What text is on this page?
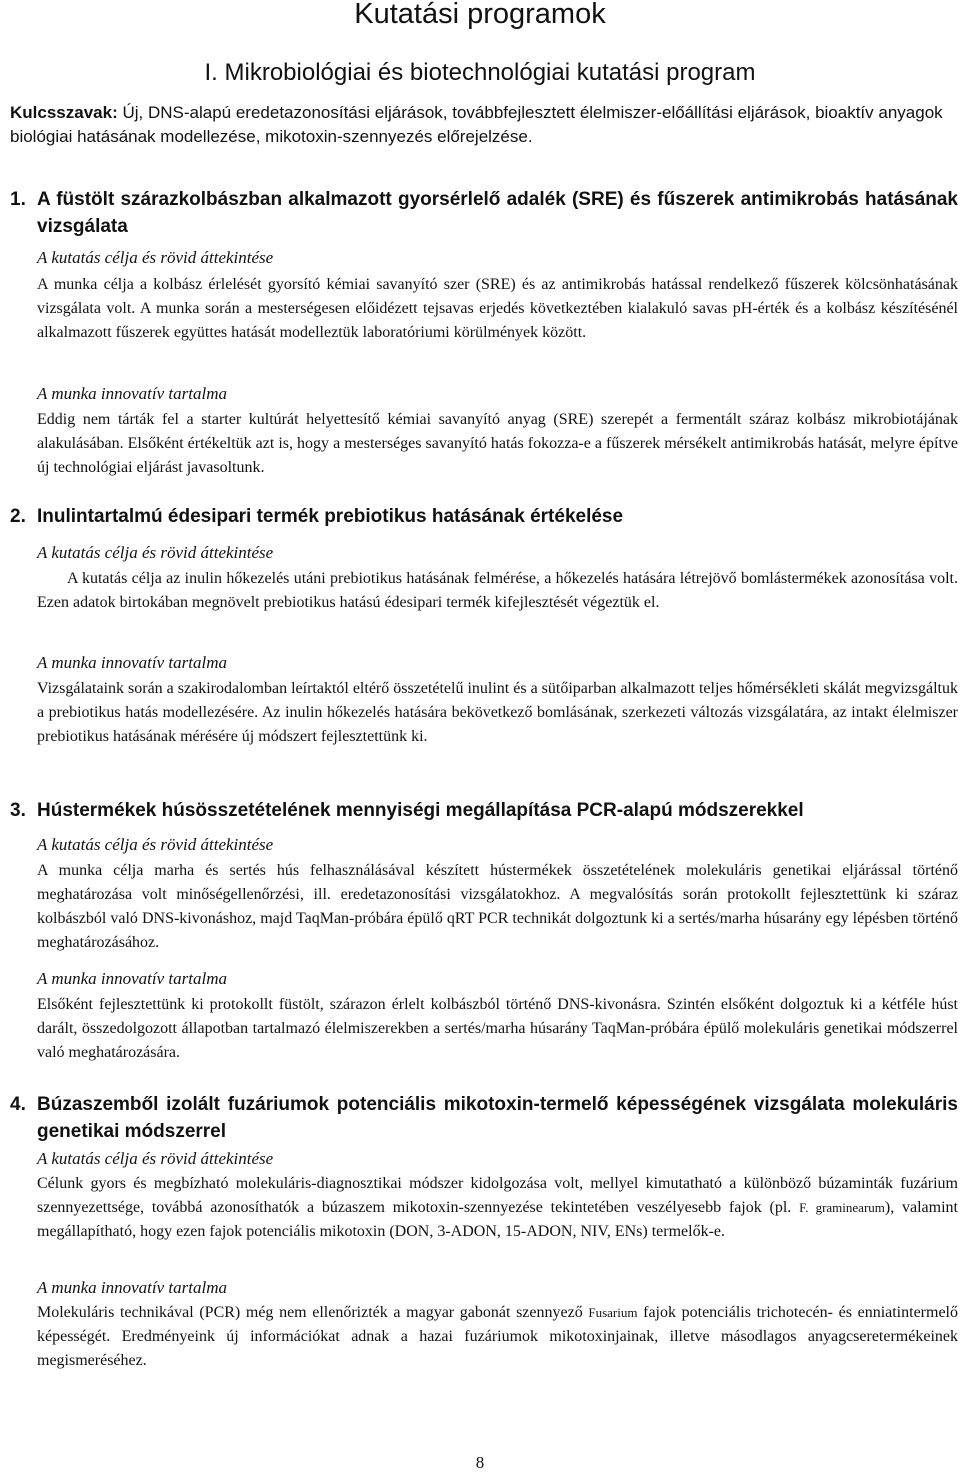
Kutatási programok
I. Mikrobiológiai és biotechnológiai kutatási program
Kulcsszavak: Új, DNS-alapú eredetazonosítási eljárások, továbbfejlesztett élelmiszer-előállítási eljárások, bioaktív anyagok biológiai hatásának modellezése, mikotoxin-szennyezés előrejelzése.
1. A füstölt szárazkolbászban alkalmazott gyorsérlelő adalék (SRE) és fűszerek antimikrobás hatásának vizsgálata
A kutatás célja és rövid áttekintése
A munka célja a kolbász érlelését gyorsító kémiai savanyító szer (SRE) és az antimikrobás hatással rendelkező fűszerek kölcsönhatásának vizsgálata volt. A munka során a mesterségesen előidézett tejsavas erjedés következtében kialakuló savas pH-érték és a kolbász készítésénél alkalmazott fűszerek együttes hatását modelleztük laboratóriumi körülmények között.
A munka innovatív tartalma
Eddig nem tárták fel a starter kultúrát helyettesítő kémiai savanyító anyag (SRE) szerepét a fermentált száraz kolbász mikrobiotájának alakulásában. Elsőként értékeltük azt is, hogy a mesterséges savanyító hatás fokozza-e a fűszerek mérsékelt antimikrobás hatását, melyre építve új technológiai eljárást javasoltunk.
2. Inulintartalmú édesipari termék prebiotikus hatásának értékelése
A kutatás célja és rövid áttekintése
A kutatás célja az inulin hőkezelés utáni prebiotikus hatásának felmérése, a hőkezelés hatására létrejövő bomlástermékek azonosítása volt. Ezen adatok birtokában megnövelt prebiotikus hatású édesipari termék kifejlesztését végeztük el.
A munka innovatív tartalma
Vizsgálataink során a szakirodalomban leírtaktól eltérő összetételű inulint és a sütőiparban alkalmazott teljes hőmérsékleti skálát megvizsgáltuk a prebiotikus hatás modellezésére. Az inulin hőkezelés hatására bekövetkező bomlásának, szerkezeti változás vizsgálatára, az intakt élelmiszer prebiotikus hatásának mérésére új módszert fejlesztettünk ki.
3. Hústermékek húsösszetételének mennyiségi megállapítása PCR-alapú módszerekkel
A kutatás célja és rövid áttekintése
A munka célja marha és sertés hús felhasználásával készített hústermékek összetételének molekuláris genetikai eljárással történő meghatározása volt minőségellenőrzési, ill. eredetazonosítási vizsgálatokhoz. A megvalósítás során protokollt fejlesztettünk ki száraz kolbászból való DNS-kivonáshoz, majd TaqMan-próbára épülő qRT PCR technikát dolgoztunk ki a sertés/marha húsarány egy lépésben történő meghatározásához.
A munka innovatív tartalma
Elsőként fejlesztettünk ki protokollt füstölt, szárazon érlelt kolbászból történő DNS-kivonásra. Szintén elsőként dolgoztuk ki a kétféle húst darált, összedolgozott állapotban tartalmazó élelmiszerekben a sertés/marha húsarány TaqMan-próbára épülő molekuláris genetikai módszerrel való meghatározására.
4. Búzaszemből izolált fuzáriumok potenciális mikotoxin-termelő képességének vizsgálata molekuláris genetikai módszerrel
A kutatás célja és rövid áttekintése
Célunk gyors és megbízható molekuláris-diagnosztikai módszer kidolgozása volt, mellyel kimutatható a különböző búzaminták fuzárium szennyezettsége, továbbá azonosíthatók a búzaszem mikotoxin-szennyezése tekintetében veszélyesebb fajok (pl. F. graminearum), valamint megállapítható, hogy ezen fajok potenciális mikotoxin (DON, 3-ADON, 15-ADON, NIV, ENs) termelők-e.
A munka innovatív tartalma
Molekuláris technikával (PCR) még nem ellenőrizték a magyar gabonát szennyező Fusarium fajok potenciális trichotecén- és enniatintermelő képességét. Eredményeink új információkat adnak a hazai fuzáriumok mikotoxinjainak, illetve másodlagos anyagcseretermékeinek megismeréséhez.
8
